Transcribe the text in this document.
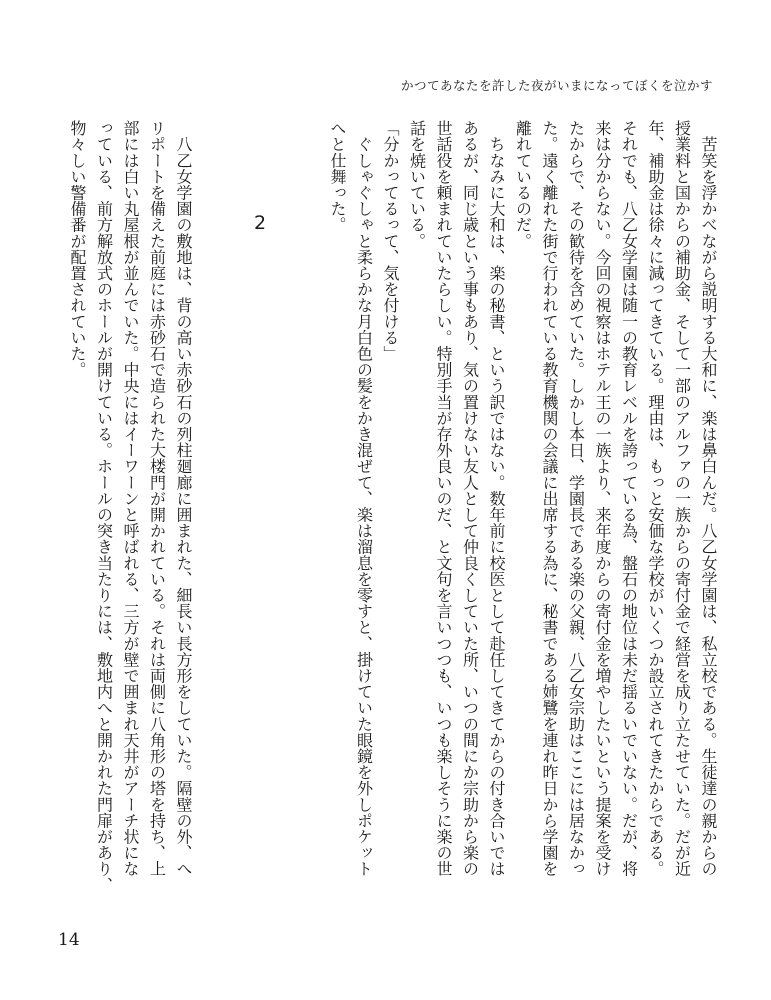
かつてあなたを許した夜がいまになってぼくを泣かす
　苦笑を浮かべながら説明する大和に、楽は鼻白んだ。八乙女学園は、私立校である。生徒達の親からの
授業料と国からの補助金、そして一部のアルファの一族からの寄付金で経営を成り立たせていた。だが近
年、補助金は徐々に減ってきている。理由は、もっと安価な学校がいくつか設立されてきたからである。
それでも、八乙女学園は随一の教育レベルを誇っている為、盤石の地位は未だ揺るいでいない。だが、将
来は分からない。今回の視察はホテル王の一族より、来年度からの寄付金を増やしたいという提案を受け
たからで、その歓待を含めていた。しかし本日、学園長である楽の父親、八乙女宗助はここには居なかっ
た。遠く離れた街で行われている教育機関の会議に出席する為に、秘書である姉鷺を連れ昨日から学園を
離れているのだ。
　ちなみに大和は、楽の秘書、という訳ではない。数年前に校医として赴任してきてからの付き合いでは
あるが、同じ歳という事もあり、気の置けない友人として仲良くしていた所、いつの間にか宗助から楽の
世話役を頼まれていたらしい。特別手当が存外良いのだ、と文句を言いつつも、いつも楽しそうに楽の世
話を焼いている。
「分かってるって、気を付ける」
　ぐしゃぐしゃと柔らかな月白色の髪をかき混ぜて、楽は溜息を零すと、掛けていた眼鏡を外しポケット
へと仕舞った。
2
　八乙女学園の敷地は、背の高い赤砂石の列柱廻廊に囲まれた、細長い長方形をしていた。隔壁の外、へ
リポートを備えた前庭には赤砂石で造られた大楼門が開かれている。それは両側に八角形の塔を持ち、上
部には白い丸屋根が並んでいた。中央にはイーワーンと呼ばれる、三方が壁で囲まれ天井がアーチ状にな
っている、前方解放式のホールが開けている。ホールの突き当たりには、敷地内へと開かれた門扉があり、
物々しい警備番が配置されていた。
14
